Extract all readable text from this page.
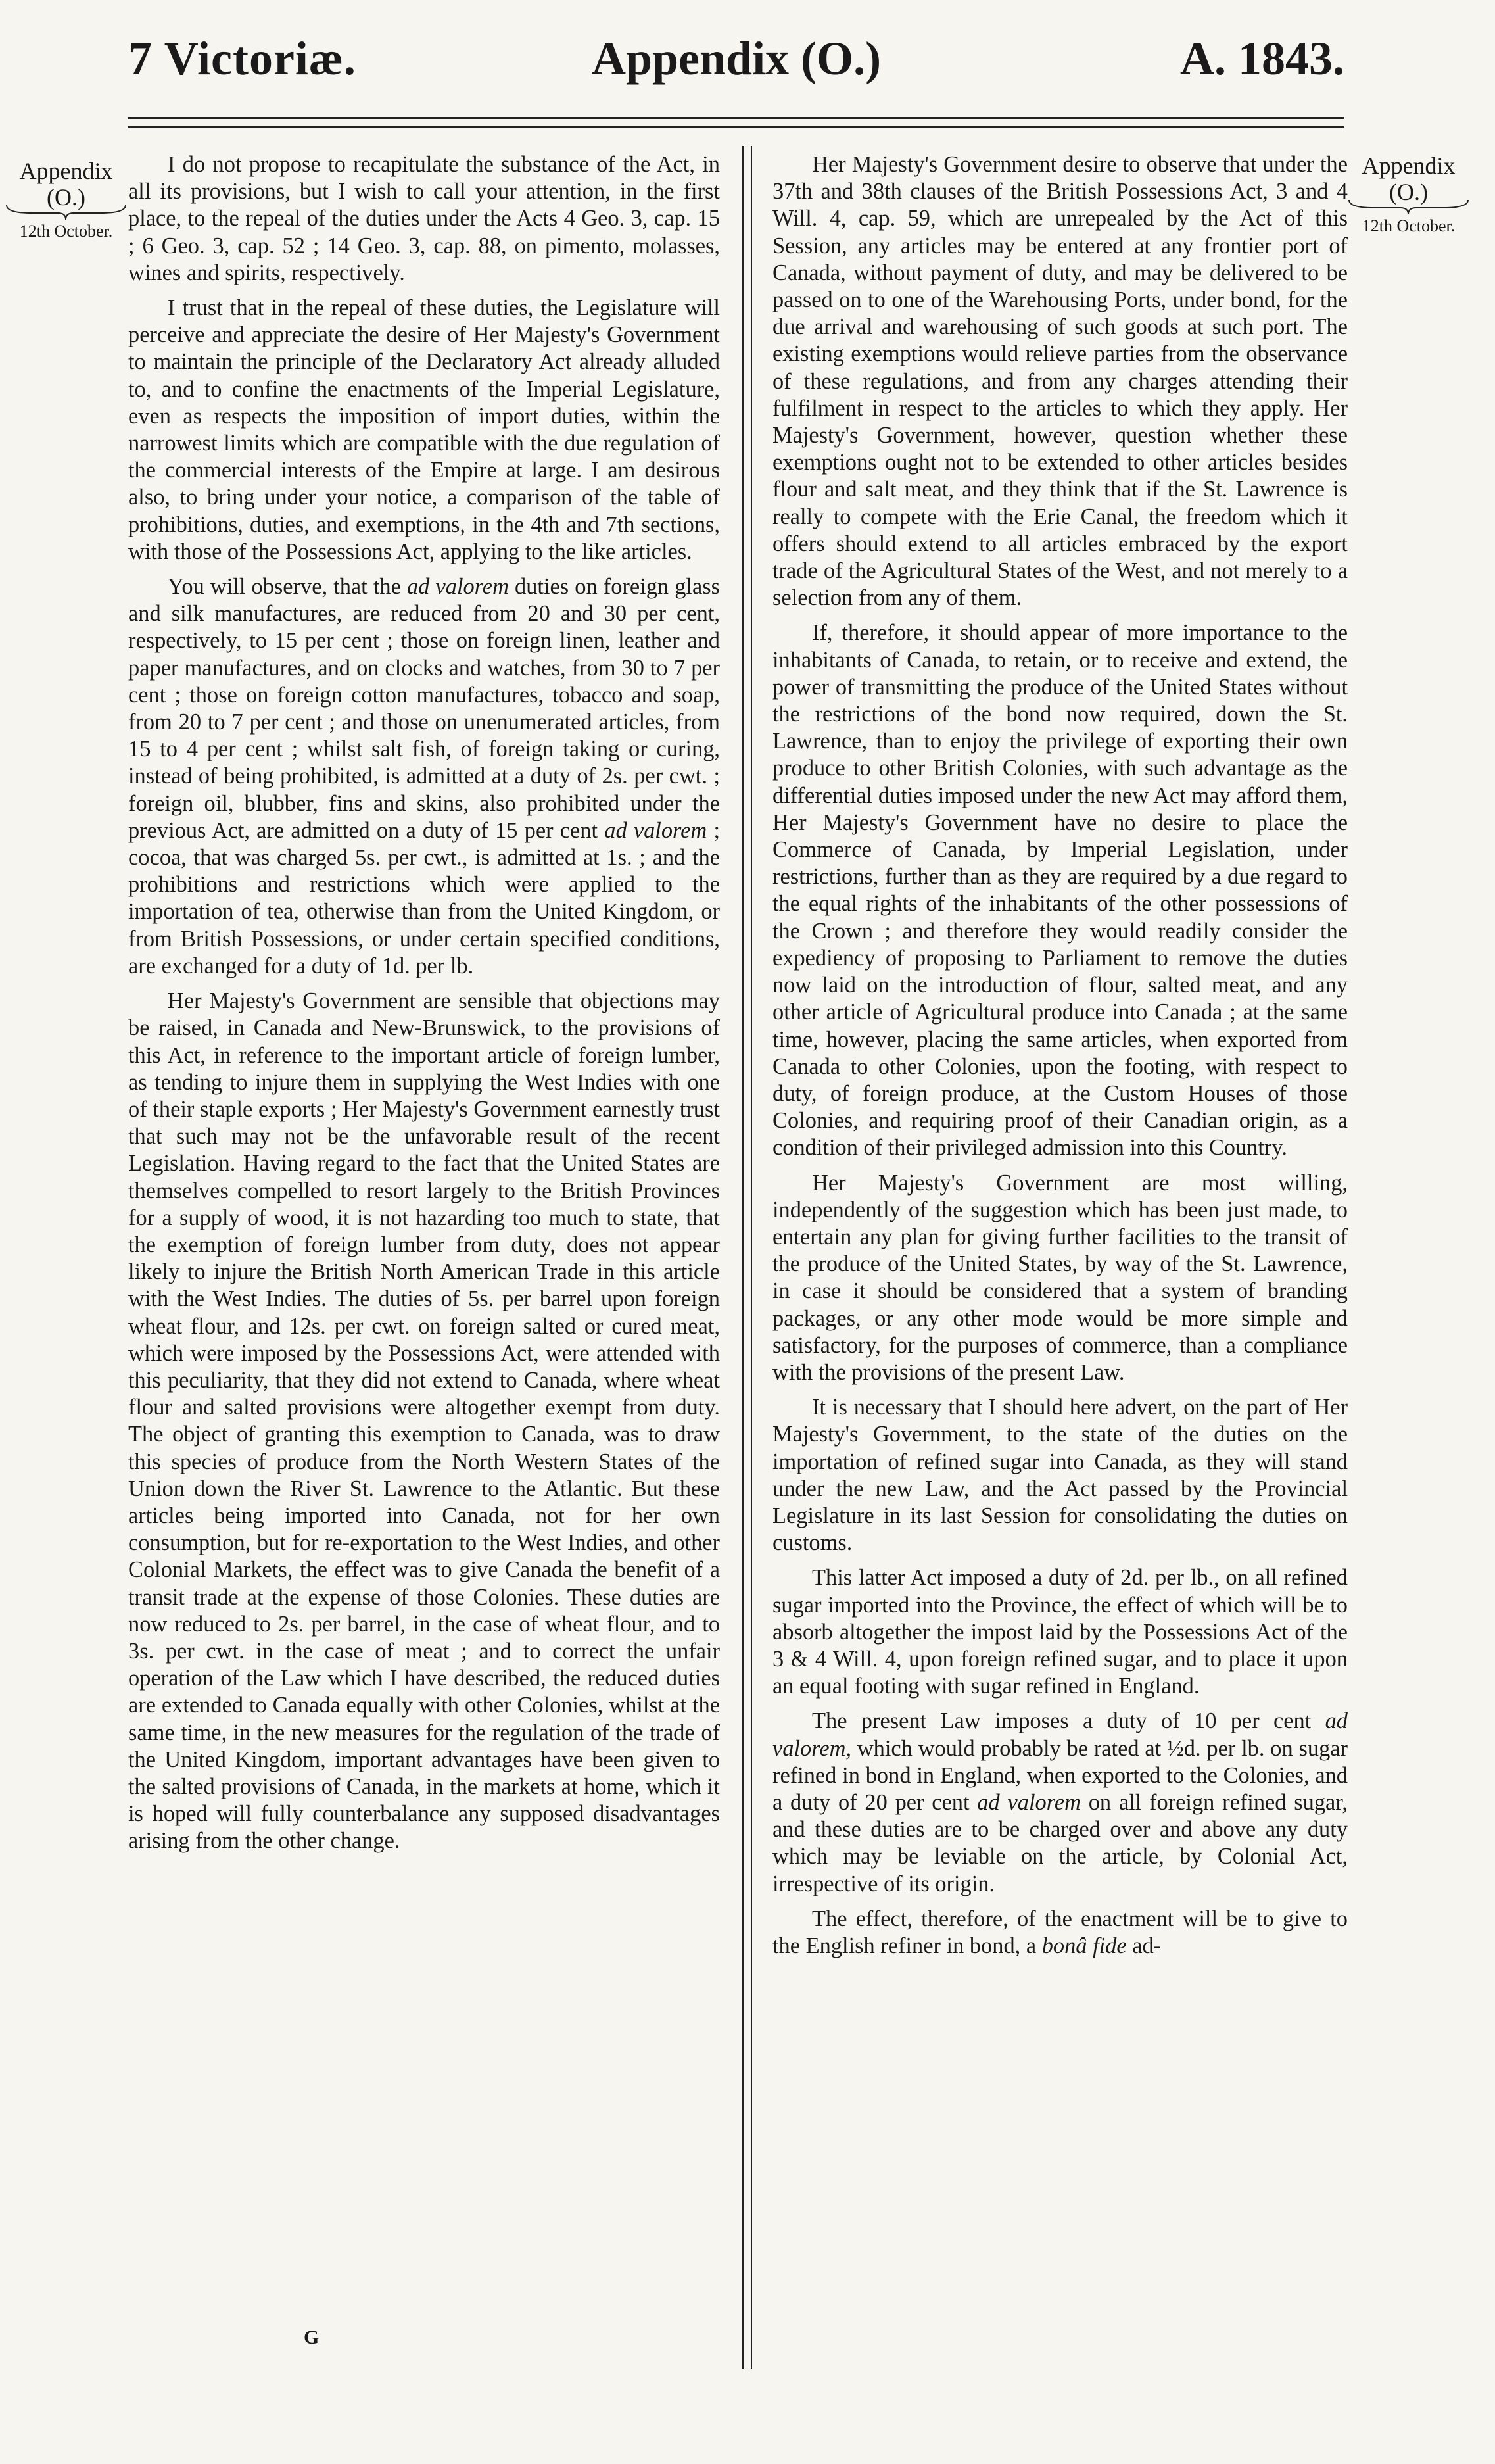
7 Victoriæ.	Appendix (O.)	A. 1843.
Appendix
(O.)
12th October.
Appendix
(O.)
12th October.

I do not propose to recapitulate the substance of the Act, in all its provisions, but I wish to call your attention, in the first place, to the repeal of the duties under the Acts 4 Geo. 3, cap. 15 ; 6 Geo. 3, cap. 52 ; 14 Geo. 3, cap. 88, on pimento, molasses, wines and spirits, respectively.

I trust that in the repeal of these duties, the Legislature will perceive and appreciate the desire of Her Majesty's Government to maintain the principle of the Declaratory Act already alluded to, and to confine the enactments of the Imperial Legislature, even as respects the imposition of import duties, within the narrowest limits which are compatible with the due regulation of the commercial interests of the Empire at large. I am desirous also, to bring under your notice, a comparison of the table of prohibitions, duties, and exemptions, in the 4th and 7th sections, with those of the Possessions Act, applying to the like articles.

You will observe, that the ad valorem duties on foreign glass and silk manufactures, are reduced from 20 and 30 per cent, respectively, to 15 per cent ; those on foreign linen, leather and paper manufactures, and on clocks and watches, from 30 to 7 per cent ; those on foreign cotton manufactures, tobacco and soap, from 20 to 7 per cent ; and those on unenumerated articles, from 15 to 4 per cent ; whilst salt fish, of foreign taking or curing, instead of being prohibited, is admitted at a duty of 2s. per cwt. ; foreign oil, blubber, fins and skins, also prohibited under the previous Act, are admitted on a duty of 15 per cent ad valorem ; cocoa, that was charged 5s. per cwt., is admitted at 1s. ; and the prohibitions and restrictions which were applied to the importation of tea, otherwise than from the United Kingdom, or from British Possessions, or under certain specified conditions, are exchanged for a duty of 1d. per lb.

Her Majesty's Government are sensible that objections may be raised, in Canada and New-Brunswick, to the provisions of this Act, in reference to the important article of foreign lumber, as tending to injure them in supplying the West Indies with one of their staple exports ; Her Majesty's Government earnestly trust that such may not be the unfavorable result of the recent Legislation. Having regard to the fact that the United States are themselves compelled to resort largely to the British Provinces for a supply of wood, it is not hazarding too much to state, that the exemption of foreign lumber from duty, does not appear likely to injure the British North American Trade in this article with the West Indies. The duties of 5s. per barrel upon foreign wheat flour, and 12s. per cwt. on foreign salted or cured meat, which were imposed by the Possessions Act, were attended with this peculiarity, that they did not extend to Canada, where wheat flour and salted provisions were altogether exempt from duty. The object of granting this exemption to Canada, was to draw this species of produce from the North Western States of the Union down the River St. Lawrence to the Atlantic. But these articles being imported into Canada, not for her own consumption, but for re-exportation to the West Indies, and other Colonial Markets, the effect was to give Canada the benefit of a transit trade at the expense of those Colonies. These duties are now reduced to 2s. per barrel, in the case of wheat flour, and to 3s. per cwt. in the case of meat ; and to correct the unfair operation of the Law which I have described, the reduced duties are extended to Canada equally with other Colonies, whilst at the same time, in the new measures for the regulation of the trade of the United Kingdom, important advantages have been given to the salted provisions of Canada, in the markets at home, which it is hoped will fully counterbalance any supposed disadvantages arising from the other change.

Her Majesty's Government desire to observe that under the 37th and 38th clauses of the British Possessions Act, 3 and 4 Will. 4, cap. 59, which are unrepealed by the Act of this Session, any articles may be entered at any frontier port of Canada, without payment of duty, and may be delivered to be passed on to one of the Warehousing Ports, under bond, for the due arrival and warehousing of such goods at such port. The existing exemptions would relieve parties from the observance of these regulations, and from any charges attending their fulfilment in respect to the articles to which they apply. Her Majesty's Government, however, question whether these exemptions ought not to be extended to other articles besides flour and salt meat, and they think that if the St. Lawrence is really to compete with the Erie Canal, the freedom which it offers should extend to all articles embraced by the export trade of the Agricultural States of the West, and not merely to a selection from any of them.

If, therefore, it should appear of more importance to the inhabitants of Canada, to retain, or to receive and extend, the power of transmitting the produce of the United States without the restrictions of the bond now required, down the St. Lawrence, than to enjoy the privilege of exporting their own produce to other British Colonies, with such advantage as the differential duties imposed under the new Act may afford them, Her Majesty's Government have no desire to place the Commerce of Canada, by Imperial Legislation, under restrictions, further than as they are required by a due regard to the equal rights of the inhabitants of the other possessions of the Crown ; and therefore they would readily consider the expediency of proposing to Parliament to remove the duties now laid on the introduction of flour, salted meat, and any other article of Agricultural produce into Canada ; at the same time, however, placing the same articles, when exported from Canada to other Colonies, upon the footing, with respect to duty, of foreign produce, at the Custom Houses of those Colonies, and requiring proof of their Canadian origin, as a condition of their privileged admission into this Country.

Her Majesty's Government are most willing, independently of the suggestion which has been just made, to entertain any plan for giving further facilities to the transit of the produce of the United States, by way of the St. Lawrence, in case it should be considered that a system of branding packages, or any other mode would be more simple and satisfactory, for the purposes of commerce, than a compliance with the provisions of the present Law.

It is necessary that I should here advert, on the part of Her Majesty's Government, to the state of the duties on the importation of refined sugar into Canada, as they will stand under the new Law, and the Act passed by the Provincial Legislature in its last Session for consolidating the duties on customs.

This latter Act imposed a duty of 2d. per lb., on all refined sugar imported into the Province, the effect of which will be to absorb altogether the impost laid by the Possessions Act of the 3 & 4 Will. 4, upon foreign refined sugar, and to place it upon an equal footing with sugar refined in England.

The present Law imposes a duty of 10 per cent ad valorem, which would probably be rated at ½d. per lb. on sugar refined in bond in England, when exported to the Colonies, and a duty of 20 per cent ad valorem on all foreign refined sugar, and these duties are to be charged over and above any duty which may be leviable on the article, by Colonial Act, irrespective of its origin.

The effect, therefore, of the enactment will be to give to the English refiner in bond, a bonâ fide ad-

G
